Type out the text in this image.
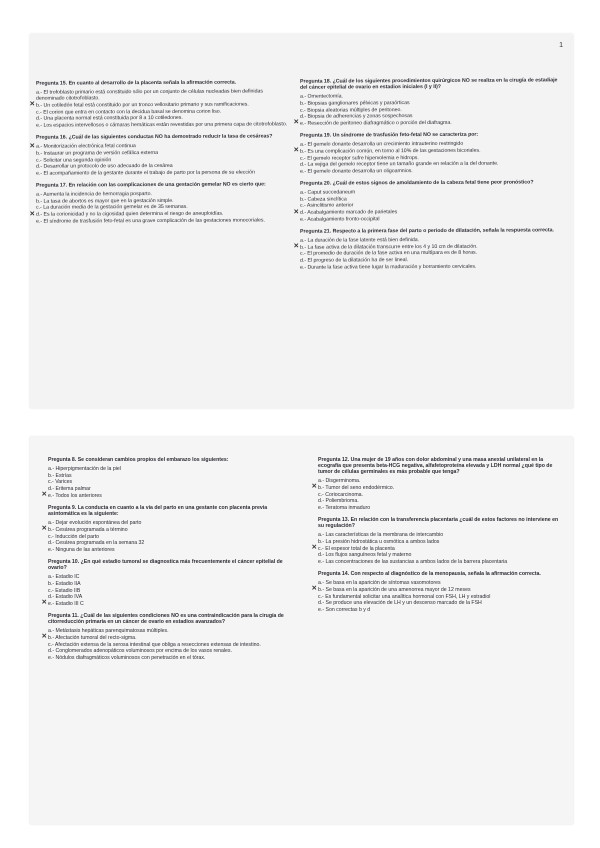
1
Pregunta 15. En cuanto al desarrollo de la placenta señala la afirmación correcta.
a.- El trofoblasto primario está constituido sólo por un conjunto de células nucleadas bien definidas denominado citotrofoblasto.
✕ b.- Un cotiledón fetal está constituido por un tronco vellositario primario y sus ramificaciones.
c.- El corion que entra en contacto con la decidua basal se denomina corion liso.
d.- Una placenta normal está constituida por 8 a 10 cotiledones.
e.- Los espacios intervellosos o cámaras hemáticas están revestidas por una primera capa de citotrofoblasto.
Pregunta 16. ¿Cuál de las siguientes conductas NO ha demostrado reducir la tasa de cesáreas?
✕ a.- Monitorización electrónica fetal continua
b.- Instaurar un programa de versión cefálica externa
c.- Solicitar una segunda opinión
d.- Desarrollar un protocolo de uso adecuado de la cesárea
e.- El acompañamiento de la gestante durante el trabajo de parto por la persona de su elección
Pregunta 17. En relación con las complicaciones de una gestación gemelar NO es cierto que:
a.- Aumenta la incidencia de hemorragia posparto.
b.- La tasa de abortos es mayor que en la gestación simple.
c.- La duración media de la gestación gemelar es de 35 semanas.
✕ d.- Es la corionicidad y no la cigosidad quien determina el riesgo de aneuploidías.
e.- El síndrome de trasfusión feto-fetal es una grave complicación de las gestaciones monocoriales.
Pregunta 18. ¿Cuál de los siguientes procedimientos quirúrgicos NO se realiza en la cirugía de estadiaje del cáncer epitelial de ovario en estadios iniciales (I y II)?
a.- Omentectomía.
b.- Biopsias ganglionares pélvicas y paraórticas
c.- Biopsia aleatorias múltiples de peritoneo.
d.- Biopsia de adherencias y zonas sospechosas
✕ e.- Resección de peritoneo diafragmático o porción del diafragma.
Pregunta 19. Un síndrome de trasfusión feto-fetal NO se caracteriza por:
a.- El gemelo donante desarrolla un crecimiento intrauterino restringido
✕ b.- Es una complicación común, en torno al 10% de las gestaciones bicoriales.
c.- El gemelo receptor sufre hipervolemia e hidrops.
d.- La vejiga del gemelo receptor tiene un tamaño grande en relación a la del donante.
e.- El gemelo donante desarrolla un oligoamnios.
Pregunta 20. ¿Cuál de estos signos de amoldamiento de la cabeza fetal tiene peor pronóstico?
a.- Caput succedaneum
b.- Cabeza sinclítica
c.- Asinclitismo anterior
✕ d.- Acabalgamiento marcado de parietales
e.- Acabalgamiento fronto-occipital
Pregunta 21. Respecto a la primera fase del parto o periodo de dilatación, señala la respuesta correcta.
a.- La duración de la fase latente está bien definida.
✕ b.- La fase activa de la dilatación transcurre entre los 4 y 10 cm de dilatación.
c.- El promedio de duración de la fase activa en una multípara es de 8 horas.
d.- El progreso de la dilatación ha de ser lineal.
e.- Durante la fase activa tiene lugar la maduración y borramiento cervicales.
Pregunta 8. Se consideran cambios propios del embarazo los siguientes:
a.- Hiperpigmentación de la piel
b.- Estrías
c.- Varices
d.- Eritema palmar
✕ e.- Todos los anteriores
Pregunta 9. La conducta en cuanto a la vía del parto en una gestante con placenta previa asintomática es la siguiente:
a.- Dejar evolución espontánea del parto
✕ b.- Cesárea programada a término
c.- Inducción del parto
d.- Cesárea programada en la semana 32
e.- Ninguna de las anteriores
Pregunta 10. ¿En qué estadio tumoral se diagnostica más frecuentemente el cáncer epitelial de ovario?
a.- Estadio IC
b.- Estadio IIA
c.- Estadio IIB
d.- Estadio IVA
✕ e.- Estadio III C
Pregunta 11. ¿Cuál de las siguientes condiciones NO es una contraindicación para la cirugía de citorreducción primaria en un cáncer de ovario en estadios avanzados?
a.- Metástasis hepáticas parenquimatosas múltiples.
✕ b.- Afectación tumoral del recto-sigma.
c.- Afectación extensa de la serosa intestinal que obliga a resecciones extensas de intestino.
d.- Conglomerados adenopáticos voluminosos por encima de los vasos renales.
e.- Nódulos diafragmáticos voluminosos con penetración en el tórax.
Pregunta 12. Una mujer de 19 años con dolor abdominal y una masa anexial unilateral en la ecografía que presenta beta-HCG negativa, alfafetoproteína elevada y LDH normal ¿qué tipo de tumor de células germinales es más probable que tenga?
a.- Disgerminoma.
✕ b.- Tumor del seno endodérmico.
c.- Coriocarcinoma.
d.- Poliembrioma.
e.- Teratoma inmaduro
Pregunta 13. En relación con la transferencia placentaria ¿cuál de estos factores no interviene en su regulación?
a.- Las características de la membrana de intercambio
b.- La presión hidrostática u osmótica a ambos lados
✕ c.- El espesor total de la placenta
d.- Los flujos sanguíneos fetal y materno
e.- Las concentraciones de las sustancias a ambos lados de la barrera placentaria
Pregunta 14. Con respecto al diagnóstico de la menopausia, señala la afirmación correcta.
a.- Se basa en la aparición de síntomas vasomotores
✕ b.- Se basa en la aparición de una amenorrea mayor de 12 meses
c.- Es fundamental solicitar una analítica hormonal con FSH, LH y estradiol
d.- Se produce una elevación de LH y un descenso marcado de la FSH
e.- Son correctas b y d
